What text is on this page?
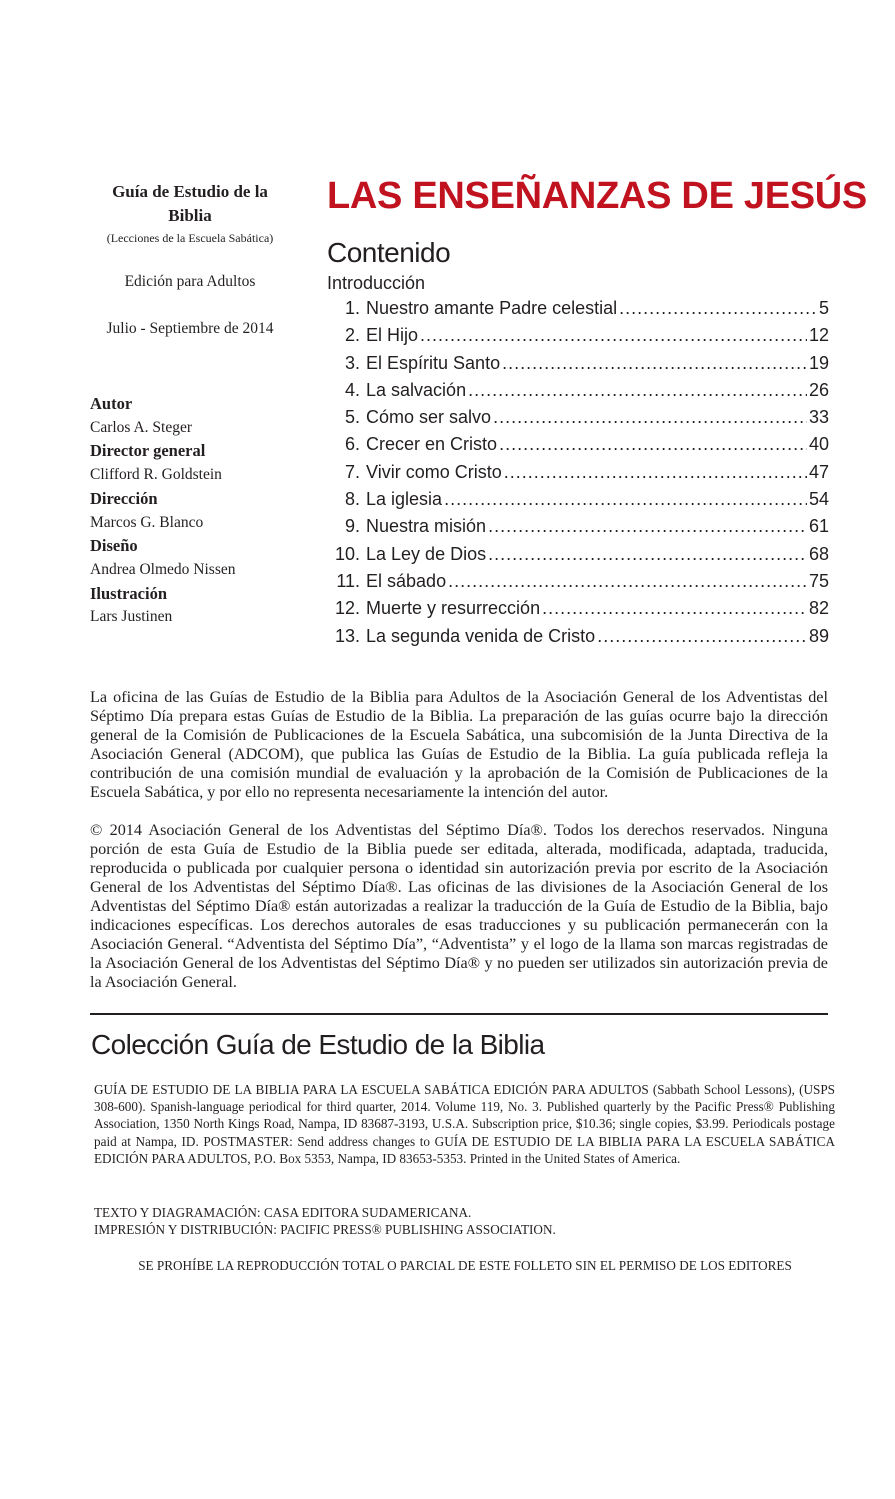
Guía de Estudio de la Biblia

(Lecciones de la Escuela Sabática)

Edición para Adultos

Julio - Septiembre de 2014

Autor
Carlos A. Steger
Director general
Clifford R. Goldstein
Dirección
Marcos G. Blanco
Diseño
Andrea Olmedo Nissen
Ilustración
Lars Justinen
LAS ENSEÑANZAS DE JESÚS
Contenido
Introducción
1.
Nuestro amante Padre celestial .....	5
2.
El Hijo .....	12
3.
El Espíritu Santo .....	19
4.
La salvación .....	26
5.
Cómo ser salvo .....	33
6.
Crecer en Cristo .....	40
7.
Vivir como Cristo .....	47
8.
La iglesia .....	54
9.
Nuestra misión .....	61
10.
La Ley de Dios .....	68
11.
El sábado .....	75
12.
Muerte y resurrección .....	82
13.
La segunda venida de Cristo .....	89

La oficina de las Guías de Estudio de la Biblia para Adultos de la Asociación General de los Adventistas del Séptimo Día prepara estas Guías de Estudio de la Biblia. La preparación de las guías ocurre bajo la dirección general de la Comisión de Publicaciones de la Escuela Sabática, una subcomisión de la Junta Directiva de la Asociación General (ADCOM), que publica las Guías de Estudio de la Biblia. La guía publicada refleja la contribución de una comisión mundial de evaluación y la aprobación de la Comisión de Publicaciones de la Escuela Sabática, y por ello no representa necesariamente la intención del autor.

© 2014 Asociación General de los Adventistas del Séptimo Día®. Todos los derechos reservados. Ninguna porción de esta Guía de Estudio de la Biblia puede ser editada, alterada, modificada, adaptada, traducida, reproducida o publicada por cualquier persona o identidad sin autorización previa por escrito de la Asociación General de los Adventistas del Séptimo Día®. Las oficinas de las divisiones de la Asociación General de los Adventistas del Séptimo Día® están autorizadas a realizar la traducción de la Guía de Estudio de la Biblia, bajo indicaciones específicas. Los derechos autorales de esas traducciones y su publicación permanecerán con la Asociación General. “Adventista del Séptimo Día”, “Adventista” y el logo de la llama son marcas registradas de la Asociación General de los Adventistas del Séptimo Día® y no pueden ser utilizados sin autorización previa de la Asociación General.

Colección Guía de Estudio de la Biblia

GUÍA DE ESTUDIO DE LA BIBLIA PARA LA ESCUELA SABÁTICA EDICIÓN PARA ADULTOS (Sabbath School Lessons), (USPS 308-600). Spanish-language periodical for third quarter, 2014. Volume 119, No. 3. Published quarterly by the Pacific Press® Publishing Association, 1350 North Kings Road, Nampa, ID 83687-3193, U.S.A. Subscription price, $10.36; single copies, $3.99. Periodicals postage paid at Nampa, ID. POSTMASTER: Send address changes to GUÍA DE ESTUDIO DE LA BIBLIA PARA LA ESCUELA SABÁTICA EDICIÓN PARA ADULTOS, P.O. Box 5353, Nampa, ID 83653-5353. Printed in the United States of America.

TEXTO Y DIAGRAMACIÓN: CASA EDITORA SUDAMERICANA.
IMPRESIÓN Y DISTRIBUCIÓN: PACIFIC PRESS® PUBLISHING ASSOCIATION.

SE PROHÍBE LA REPRODUCCIÓN TOTAL O PARCIAL DE ESTE FOLLETO SIN EL PERMISO DE LOS EDITORES
